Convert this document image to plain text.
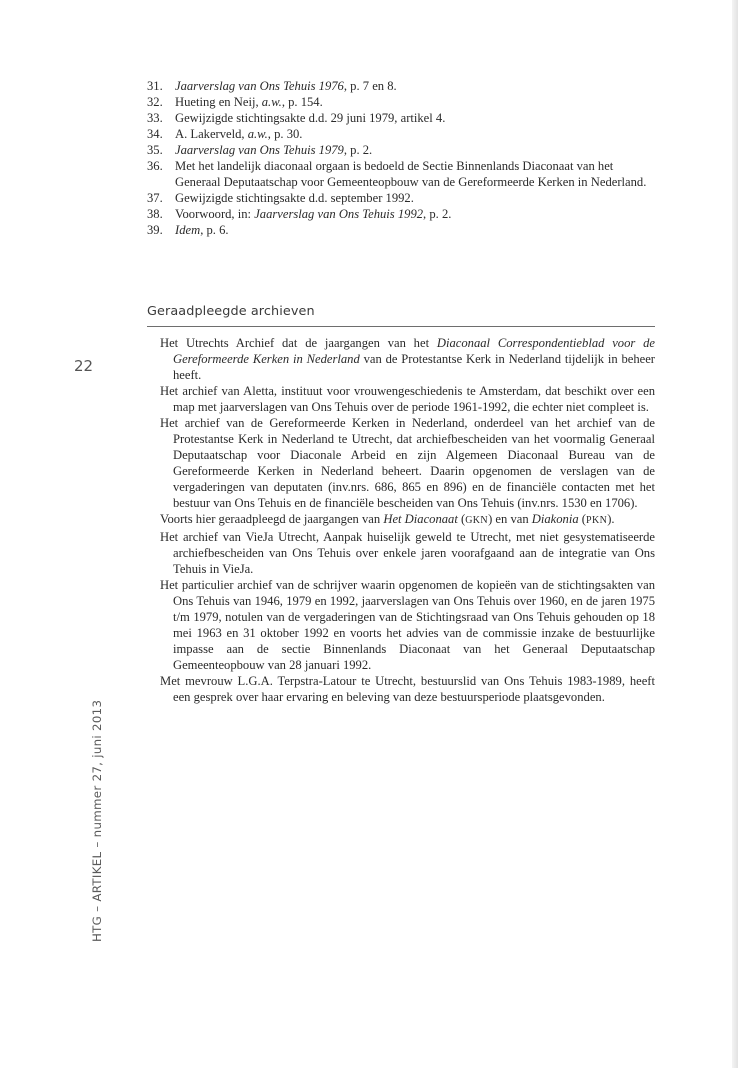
31. Jaarverslag van Ons Tehuis 1976, p. 7 en 8.
32. Hueting en Neij, a.w., p. 154.
33. Gewijzigde stichtingsakte d.d. 29 juni 1979, artikel 4.
34. A. Lakerveld, a.w., p. 30.
35. Jaarverslag van Ons Tehuis 1979, p. 2.
36. Met het landelijk diaconaal orgaan is bedoeld de Sectie Binnenlands Diaconaat van het Generaal Deputaatschap voor Gemeenteopbouw van de Gereformeerde Kerken in Nederland.
37. Gewijzigde stichtingsakte d.d. september 1992.
38. Voorwoord, in: Jaarverslag van Ons Tehuis 1992, p. 2.
39. Idem, p. 6.
Geraadpleegde archieven

Het Utrechts Archief dat de jaargangen van het Diaconaal Correspondentieblad voor de Gereformeerde Kerken in Nederland van de Protestantse Kerk in Nederland tijdelijk in beheer heeft.

Het archief van Aletta, instituut voor vrouwengeschiedenis te Amsterdam, dat beschikt over een map met jaarverslagen van Ons Tehuis over de periode 1961-1992, die echter niet compleet is.

Het archief van de Gereformeerde Kerken in Nederland, onderdeel van het archief van de Protestantse Kerk in Nederland te Utrecht, dat archiefbescheiden van het voormalig Generaal Deputaatschap voor Diaconale Arbeid en zijn Algemeen Diaconaal Bureau van de Gereformeerde Kerken in Nederland beheert. Daarin opgenomen de verslagen van de vergaderingen van deputaten (inv.nrs. 686, 865 en 896) en de financiële contacten met het bestuur van Ons Tehuis en de financiële bescheiden van Ons Tehuis (inv.nrs. 1530 en 1706).

Voorts hier geraadpleegd de jaargangen van Het Diaconaat (GKN) en van Diakonia (PKN).

Het archief van VieJa Utrecht, Aanpak huiselijk geweld te Utrecht, met niet gesystematiseerde archiefbescheiden van Ons Tehuis over enkele jaren voorafgaand aan de integratie van Ons Tehuis in VieJa.

Het particulier archief van de schrijver waarin opgenomen de kopieën van de stichtingsakten van Ons Tehuis van 1946, 1979 en 1992, jaarverslagen van Ons Tehuis over 1960, en de jaren 1975 t/m 1979, notulen van de vergaderingen van de Stichtingsraad van Ons Tehuis gehouden op 18 mei 1963 en 31 oktober 1992 en voorts het advies van de commissie inzake de bestuurlijke impasse aan de sectie Binnenlands Diaconaat van het Generaal Deputaatschap Gemeenteopbouw van 28 januari 1992.

Met mevrouw L.G.A. Terpstra-Latour te Utrecht, bestuurslid van Ons Tehuis 1983-1989, heeft een gesprek over haar ervaring en beleving van deze bestuursperiode plaatsgevonden.

22
HTG – ARTIKEL – nummer 27, juni 2013
